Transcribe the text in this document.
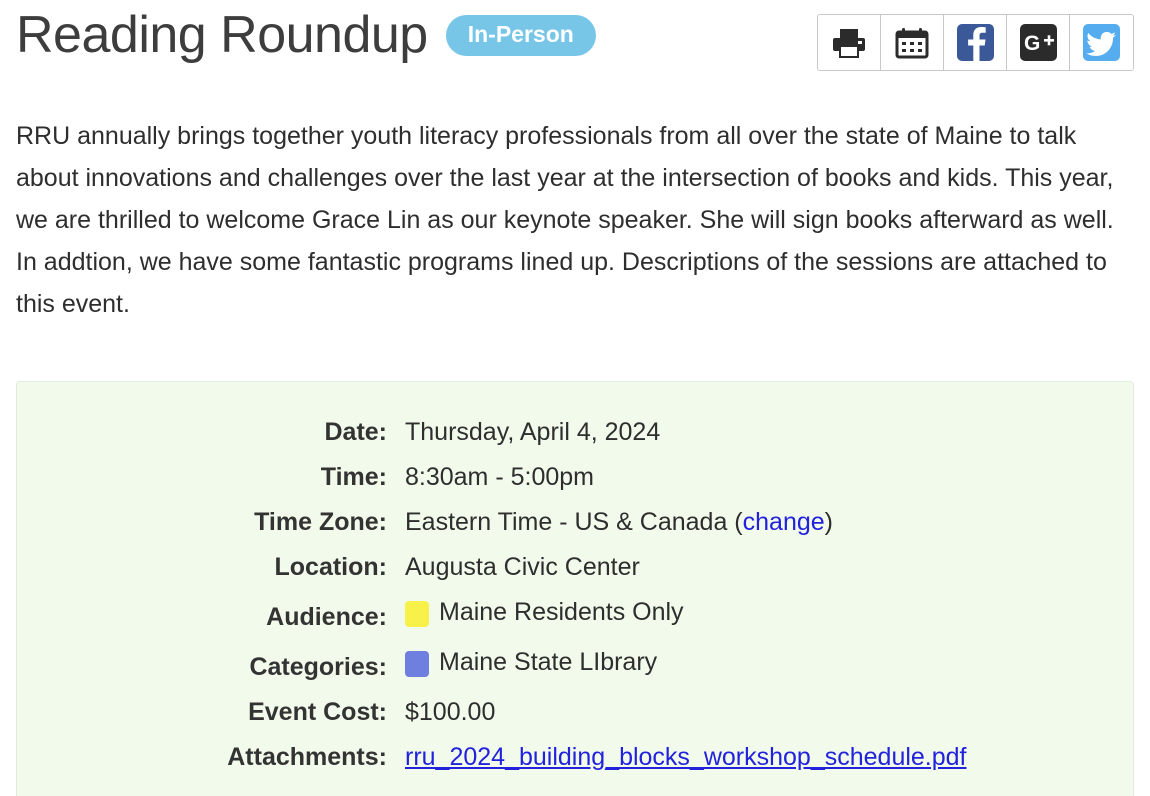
Reading Roundup	In-Person	G
RRU annually brings together youth literacy professionals from all over the state of Maine to talk about innovations and challenges over the last year at the intersection of books and kids. This year, we are thrilled to welcome Grace Lin as our keynote speaker. She will sign books afterward as well. In addtion, we have some fantastic programs lined up. Descriptions of the sessions are attached to this event.
Date: Thursday, April 4, 2024
Time: 8:30am - 5:00pm
Time Zone: Eastern Time - US & Canada ( change )
Location: Augusta Civic Center
Audience:	Maine Residents Only
Categories:	Maine State LIbrary
Event Cost: $100.00
Attachments: rru_2024_building_blocks_workshop_schedule.pdf
